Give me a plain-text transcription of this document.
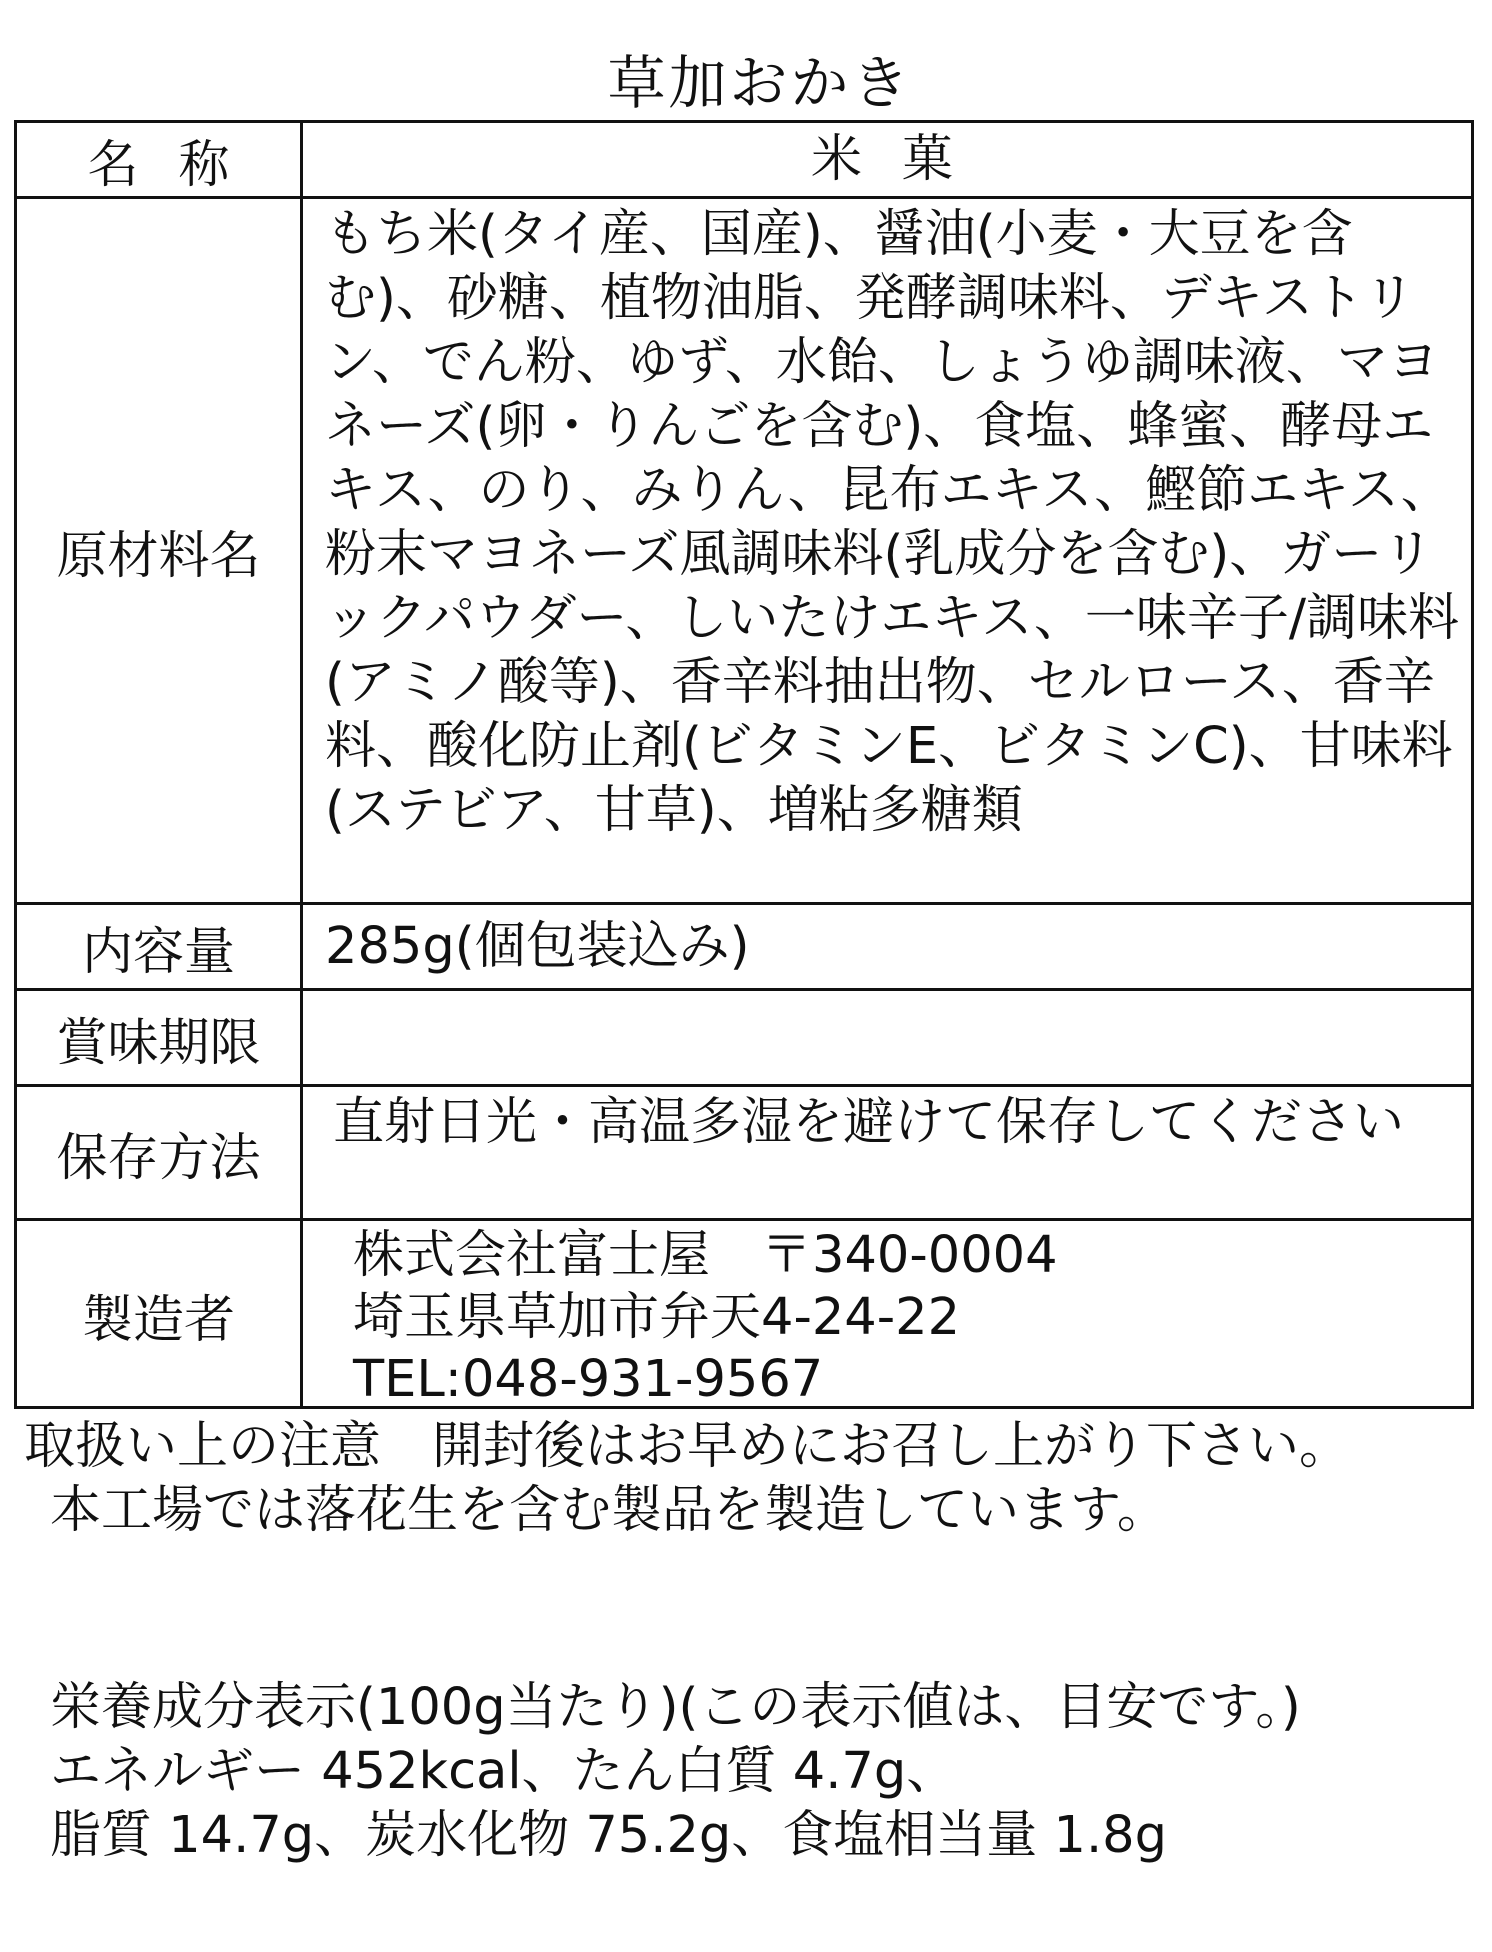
草加おかき
名称	米菓
原材料名
もち米(タイ産、国産)、醤油(小麦・大豆を含む)、砂糖、植物油脂、発酵調味料、デキストリン、でん粉、ゆず、水飴、しょうゆ調味液、マヨネーズ(卵・りんごを含む)、食塩、蜂蜜、酵母エキス、のり、みりん、昆布エキス、鰹節エキス、粉末マヨネーズ風調味料(乳成分を含む)、ガーリックパウダー、しいたけエキス、一味辛子/調味料(アミノ酸等)、香辛料抽出物、セルロース、香辛料、酸化防止剤(ビタミンE、ビタミンC)、甘味料(ステビア、甘草)、増粘多糖類
内容量	285g(個包装込み)
賞味期限
保存方法
直射日光・高温多湿を避けて保存してください
製造者
株式会社富士屋　〒340-0004
埼玉県草加市弁天4-24-22
TEL:048-931-9567

取扱い上の注意　開封後はお早めにお召し上がり下さい。

本工場では落花生を含む製品を製造しています。

栄養成分表示(100g当たり)(この表示値は、目安です。)

エネルギー 452kcal、たん白質 4.7g、

脂質 14.7g、炭水化物 75.2g、食塩相当量 1.8g
